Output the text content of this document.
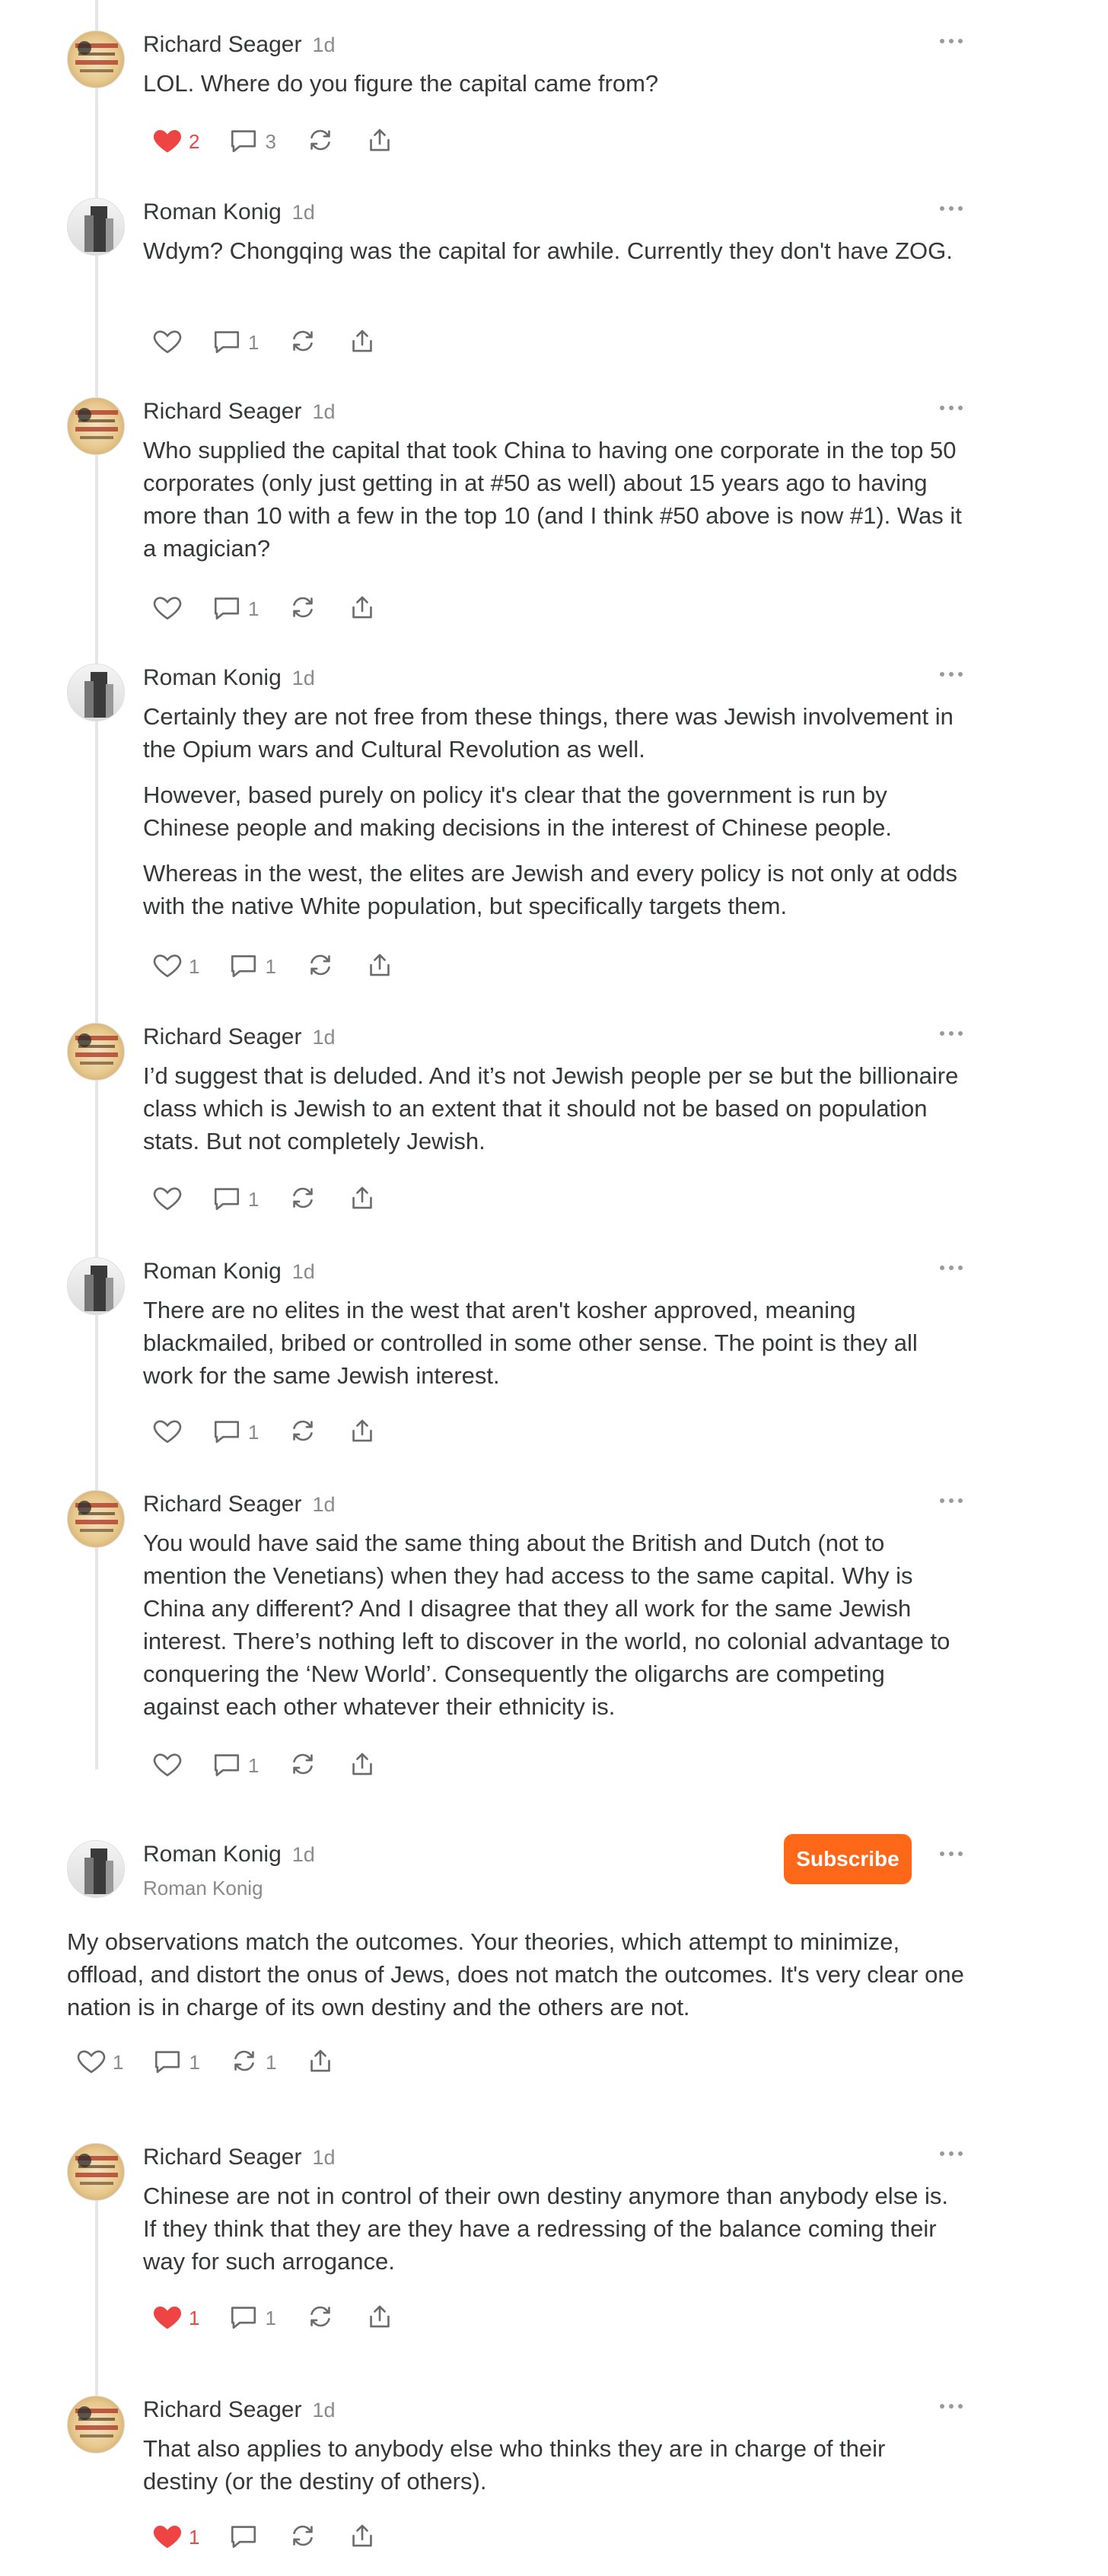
Richard Seager 1d

LOL. Where do you figure the capital came from?

2	3
Roman Konig 1d

Wdym? Chongqing was the capital for awhile. Currently they don't have ZOG.

1
Richard Seager 1d

Who supplied the capital that took China to having one corporate in the top 50 corporates (only just getting in at #50 as well) about 15 years ago to having more than 10 with a few in the top 10 (and I think #50 above is now #1). Was it a magician?

1
Roman Konig 1d

Certainly they are not free from these things, there was Jewish involvement in the Opium wars and Cultural Revolution as well.

However, based purely on policy it's clear that the government is run by Chinese people and making decisions in the interest of Chinese people.

Whereas in the west, the elites are Jewish and every policy is not only at odds with the native White population, but specifically targets them.

1	1
Richard Seager 1d

I’d suggest that is deluded. And it’s not Jewish people per se but the billionaire class which is Jewish to an extent that it should not be based on population stats. But not completely Jewish.

1
Roman Konig 1d

There are no elites in the west that aren't kosher approved, meaning blackmailed, bribed or controlled in some other sense. The point is they all work for the same Jewish interest.

1
Richard Seager 1d

You would have said the same thing about the British and Dutch (not to mention the Venetians) when they had access to the same capital. Why is China any different? And I disagree that they all work for the same Jewish interest. There’s nothing left to discover in the world, no colonial advantage to conquering the ‘New World’. Consequently the oligarchs are competing against each other whatever their ethnicity is.

1
Roman Konig 1d
Roman Konig
Subscribe

My observations match the outcomes. Your theories, which attempt to minimize, offload, and distort the onus of Jews, does not match the outcomes. It's very clear one nation is in charge of its own destiny and the others are not.

1	1	1
Richard Seager 1d

Chinese are not in control of their own destiny anymore than anybody else is. If they think that they are they have a redressing of the balance coming their way for such arrogance.

1	1
Richard Seager 1d

That also applies to anybody else who thinks they are in charge of their destiny (or the destiny of others).

1
